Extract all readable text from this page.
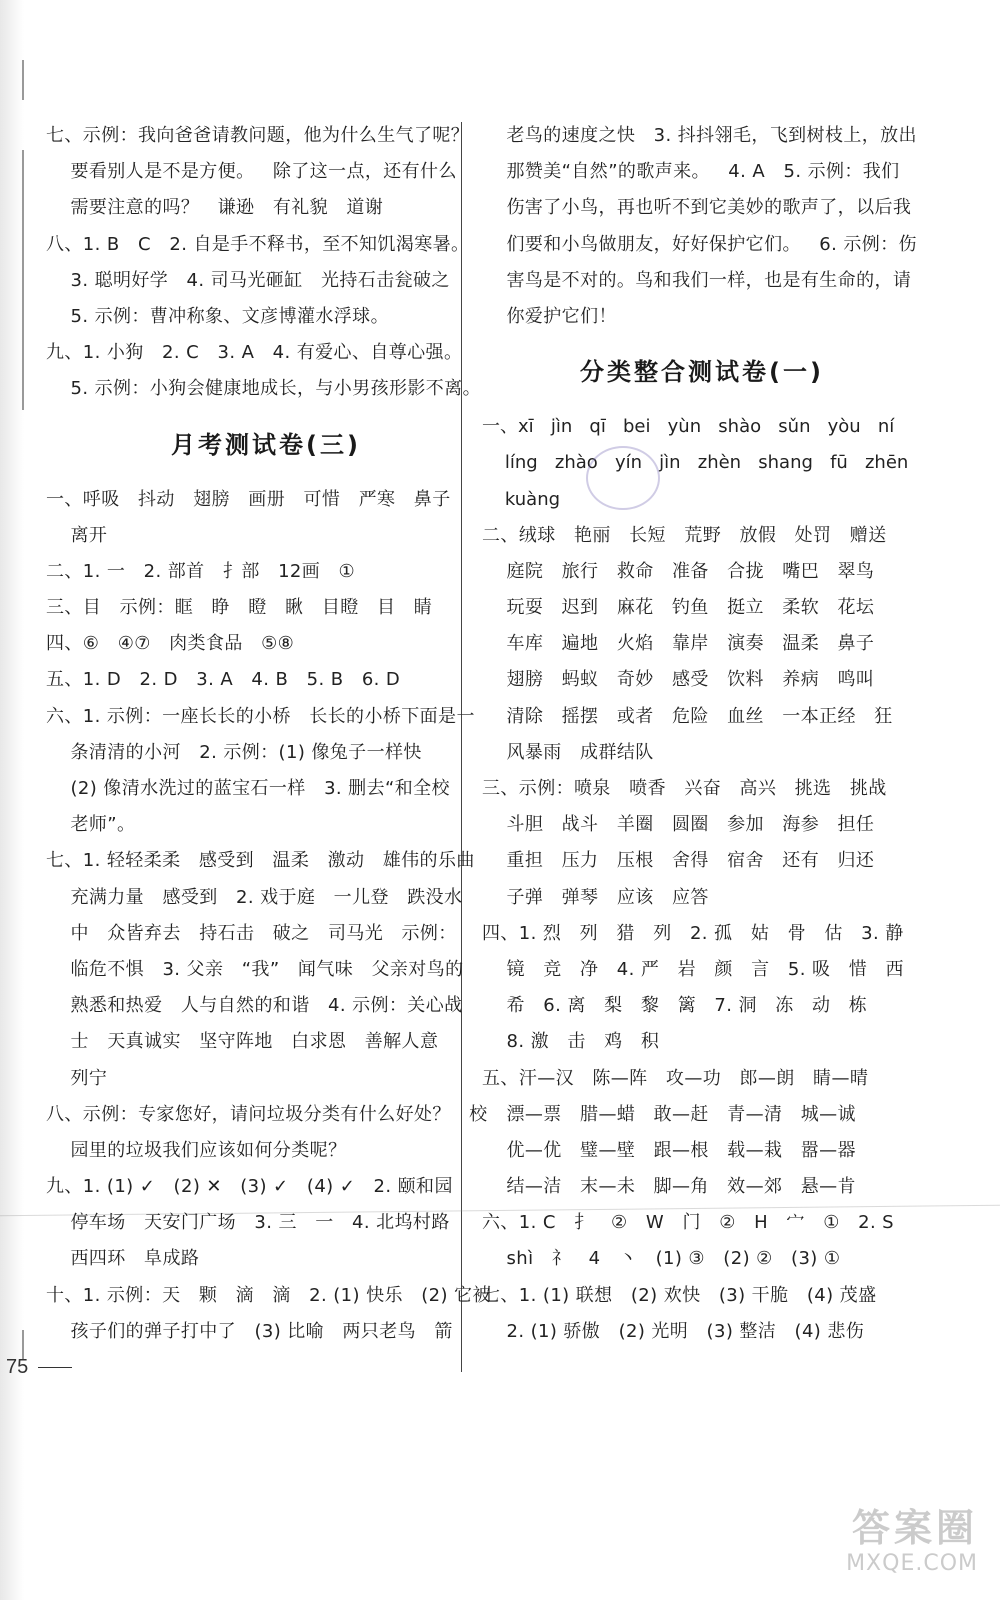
七、示例：我向爸爸请教问题，他为什么生气了呢？
要看别人是不是方便。   除了这一点，还有什么
需要注意的吗？   谦逊   有礼貌   道谢
八、1. B   C   2. 自是手不释书，至不知饥渴寒暑。
3. 聪明好学   4. 司马光砸缸   光持石击瓮破之
5. 示例：曹冲称象、文彦博灌水浮球。
九、1. 小狗   2. C   3. A   4. 有爱心、自尊心强。
5. 示例：小狗会健康地成长，与小男孩形影不离。
月考测试卷(三)
一、呼吸   抖动   翅膀   画册   可惜   严寒   鼻子
离开
二、1. 一   2. 部首   扌部   12画   ①
三、目   示例：眶   睁   瞪   瞅   目瞪   目   睛
四、⑥   ④⑦   肉类食品   ⑤⑧
五、1. D   2. D   3. A   4. B   5. B   6. D
六、1. 示例：一座长长的小桥   长长的小桥下面是一
条清清的小河   2. 示例：(1) 像兔子一样快
(2) 像清水洗过的蓝宝石一样   3. 删去“和全校
老师”。
七、1. 轻轻柔柔   感受到   温柔   激动   雄伟的乐曲
充满力量   感受到   2. 戏于庭   一儿登   跌没水
中   众皆弃去   持石击   破之   司马光   示例：
临危不惧   3. 父亲   “我”   闻气味   父亲对鸟的
熟悉和热爱   人与自然的和谐   4. 示例：关心战
士   天真诚实   坚守阵地   白求恩   善解人意
列宁
八、示例：专家您好，请问垃圾分类有什么好处？   校
园里的垃圾我们应该如何分类呢？
九、1. (1) ✓   (2) ✕   (3) ✓   (4) ✓   2. 颐和园
停车场   天安门广场   3. 三   一   4. 北坞村路
西四环   阜成路
十、1. 示例：天   颗   滴   滴   2. (1) 快乐   (2) 它被
孩子们的弹子打中了   (3) 比喻   两只老鸟   箭
老鸟的速度之快   3. 抖抖翎毛，飞到树枝上，放出
那赞美“自然”的歌声来。   4. A   5. 示例：我们
伤害了小鸟，再也听不到它美妙的歌声了，以后我
们要和小鸟做朋友，好好保护它们。   6. 示例：伤
害鸟是不对的。鸟和我们一样，也是有生命的，请
你爱护它们！
分类整合测试卷(一)
一、xī   jìn   qī   bei   yùn   shào   sǔn   yòu   ní
líng   zhào   yín   jìn   zhèn   shang   fū   zhēn
kuàng
二、绒球   艳丽   长短   荒野   放假   处罚   赠送
庭院   旅行   救命   准备   合拢   嘴巴   翠鸟
玩耍   迟到   麻花   钓鱼   挺立   柔软   花坛
车库   遍地   火焰   靠岸   演奏   温柔   鼻子
翅膀   蚂蚁   奇妙   感受   饮料   养病   鸣叫
清除   摇摆   或者   危险   血丝   一本正经   狂
风暴雨   成群结队
三、示例：喷泉   喷香   兴奋   高兴   挑选   挑战
斗胆   战斗   羊圈   圆圈   参加   海参   担任
重担   压力   压根   舍得   宿舍   还有   归还
子弹   弹琴   应该   应答
四、1. 烈   列   猎   列   2. 孤   姑   骨   估   3. 静
镜   竞   净   4. 严   岩   颜   言   5. 吸   惜   西
希   6. 离   梨   黎   篱   7. 洞   冻   动   栋
8. 激   击   鸡   积
五、汗—汉   陈—阵   攻—功   郎—朗   睛—晴
漂—票   腊—蜡   敢—赶   青—清   城—诚
优—优   璧—壁   跟—根   载—栽   嚣—器
结—洁   末—未   脚—角   效—郊   悬—肯
六、1. C   扌   ②   W   门   ②   H   宀   ①   2. S
shì   礻   4   丶   (1) ③   (2) ②   (3) ①
七、1. (1) 联想   (2) 欢快   (3) 干脆   (4) 茂盛
2. (1) 骄傲   (2) 光明   (3) 整洁   (4) 悲伤
75
答案圈
MXQE.COM
